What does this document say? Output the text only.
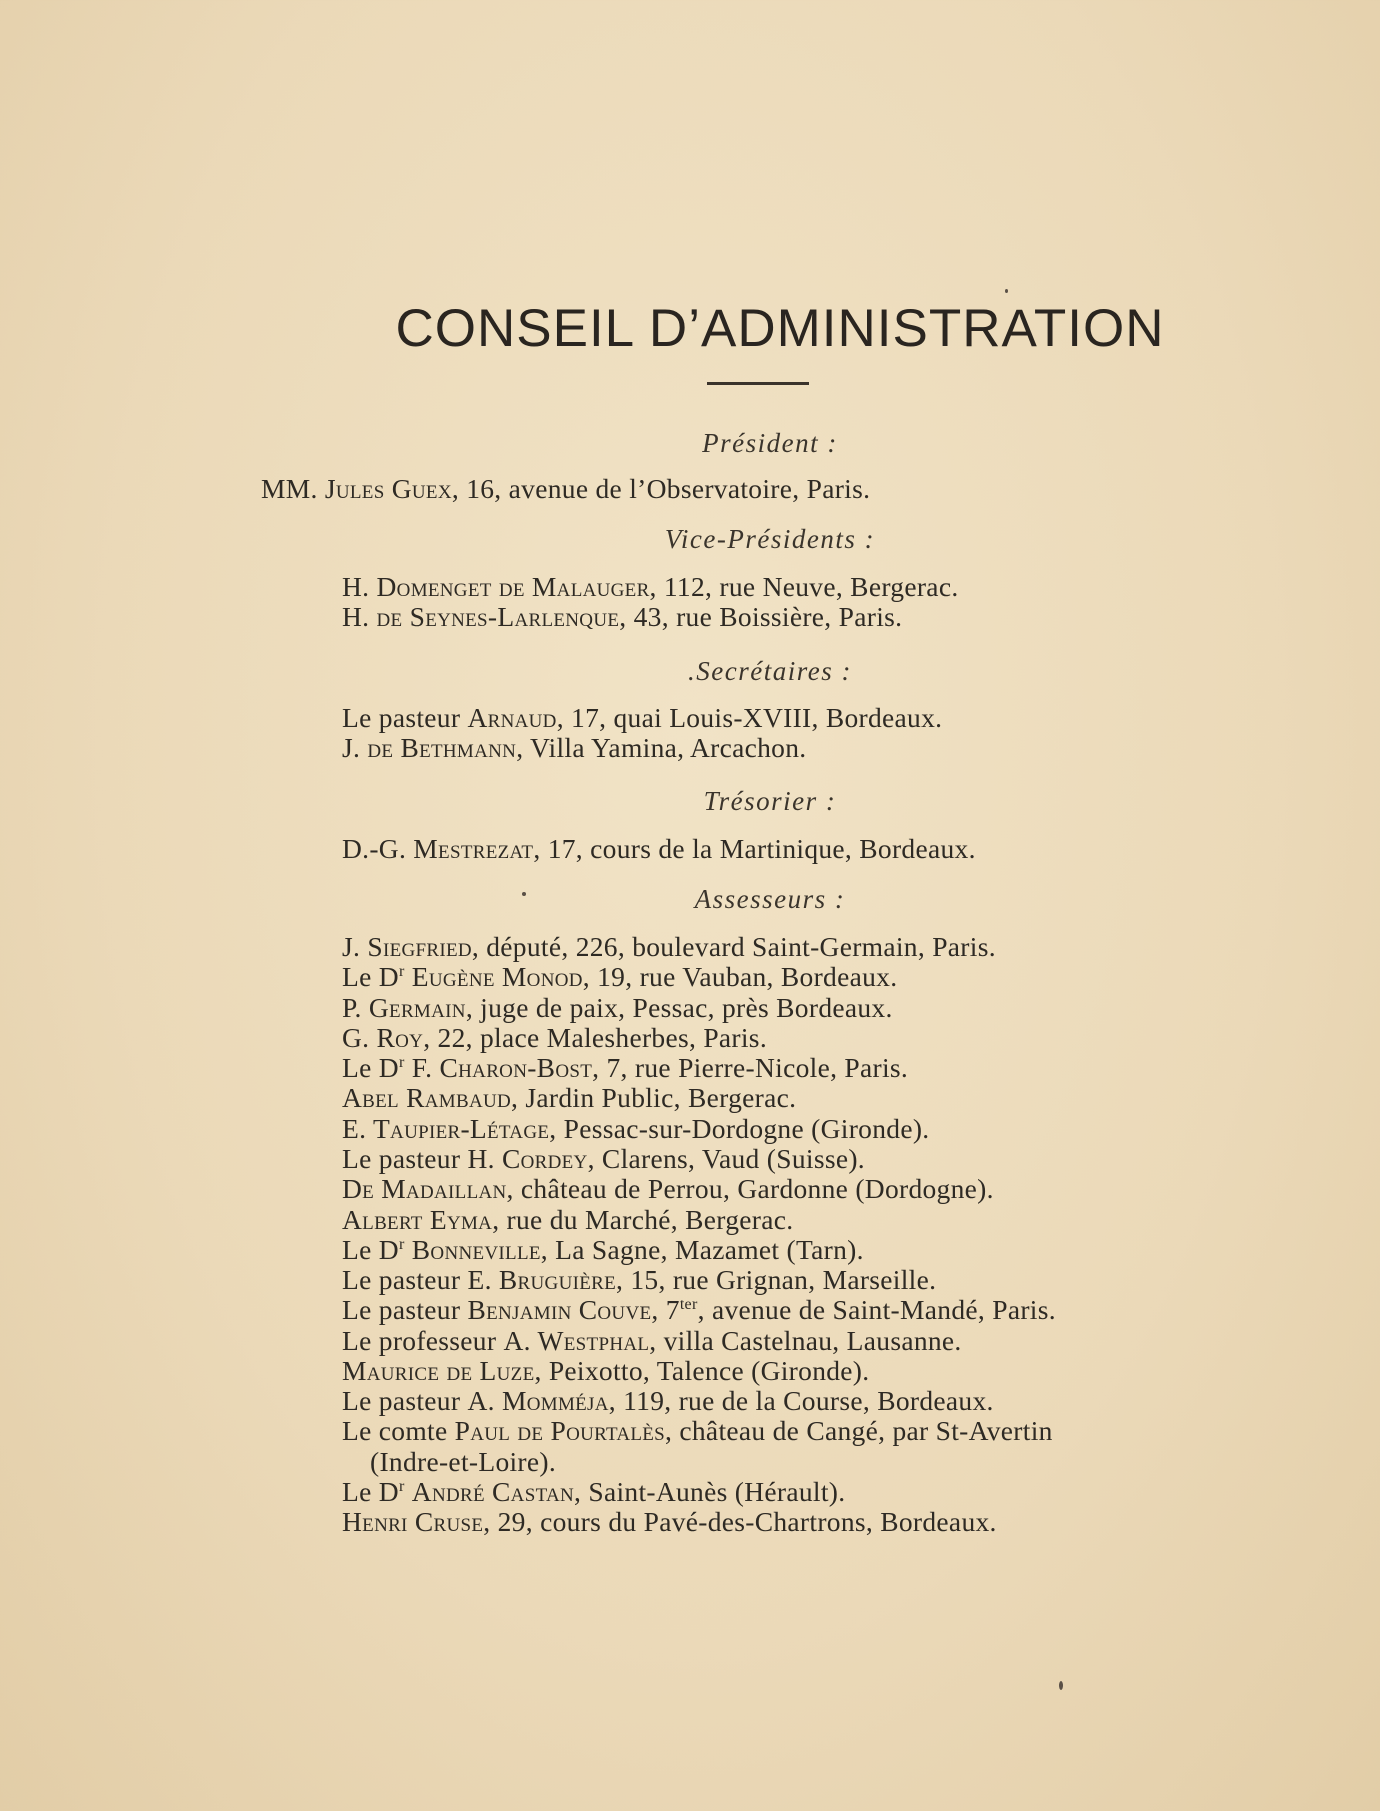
CONSEIL D’ADMINISTRATION
Président :
MM. Jules Guex, 16, avenue de l’Observatoire, Paris.
Vice-Présidents :
H. Domenget de Malauger, 112, rue Neuve, Bergerac.
H. de Seynes-Larlenque, 43, rue Boissière, Paris.
.Secrétaires :
Le pasteur Arnaud, 17, quai Louis-XVIII, Bordeaux.
J. de Bethmann, Villa Yamina, Arcachon.
Trésorier :
D.-G. Mestrezat, 17, cours de la Martinique, Bordeaux.
Assesseurs :
J. Siegfried, député, 226, boulevard Saint-Germain, Paris.
Le $D^r$ Eugène Monod, 19, rue Vauban, Bordeaux.
P. Germain, juge de paix, Pessac, près Bordeaux.
G. Roy, 22, place Malesherbes, Paris.
Le $D^r$ F. Charon-Bost, 7, rue Pierre-Nicole, Paris.
Abel Rambaud, Jardin Public, Bergerac.
E. Taupier-Létage, Pessac-sur-Dordogne (Gironde).
Le pasteur H. Cordey, Clarens, Vaud (Suisse).
De Madaillan, château de Perrou, Gardonne (Dordogne).
Albert Eyma, rue du Marché, Bergerac.
Le $D^r$ Bonneville, La Sagne, Mazamet (Tarn).
Le pasteur E. Bruguière, 15, rue Grignan, Marseille.
Le pasteur Benjamin Couve, $7^{ter}$, avenue de Saint-Mandé, Paris.
Le professeur A. Westphal, villa Castelnau, Lausanne.
Maurice de Luze, Peixotto, Talence (Gironde).
Le pasteur A. Momméja, 119, rue de la Course, Bordeaux.
Le comte Paul de Pourtalès, château de Cangé, par St-Avertin
(Indre-et-Loire).
Le $D^r$ André Castan, Saint-Aunès (Hérault).
Henri Cruse, 29, cours du Pavé-des-Chartrons, Bordeaux.
